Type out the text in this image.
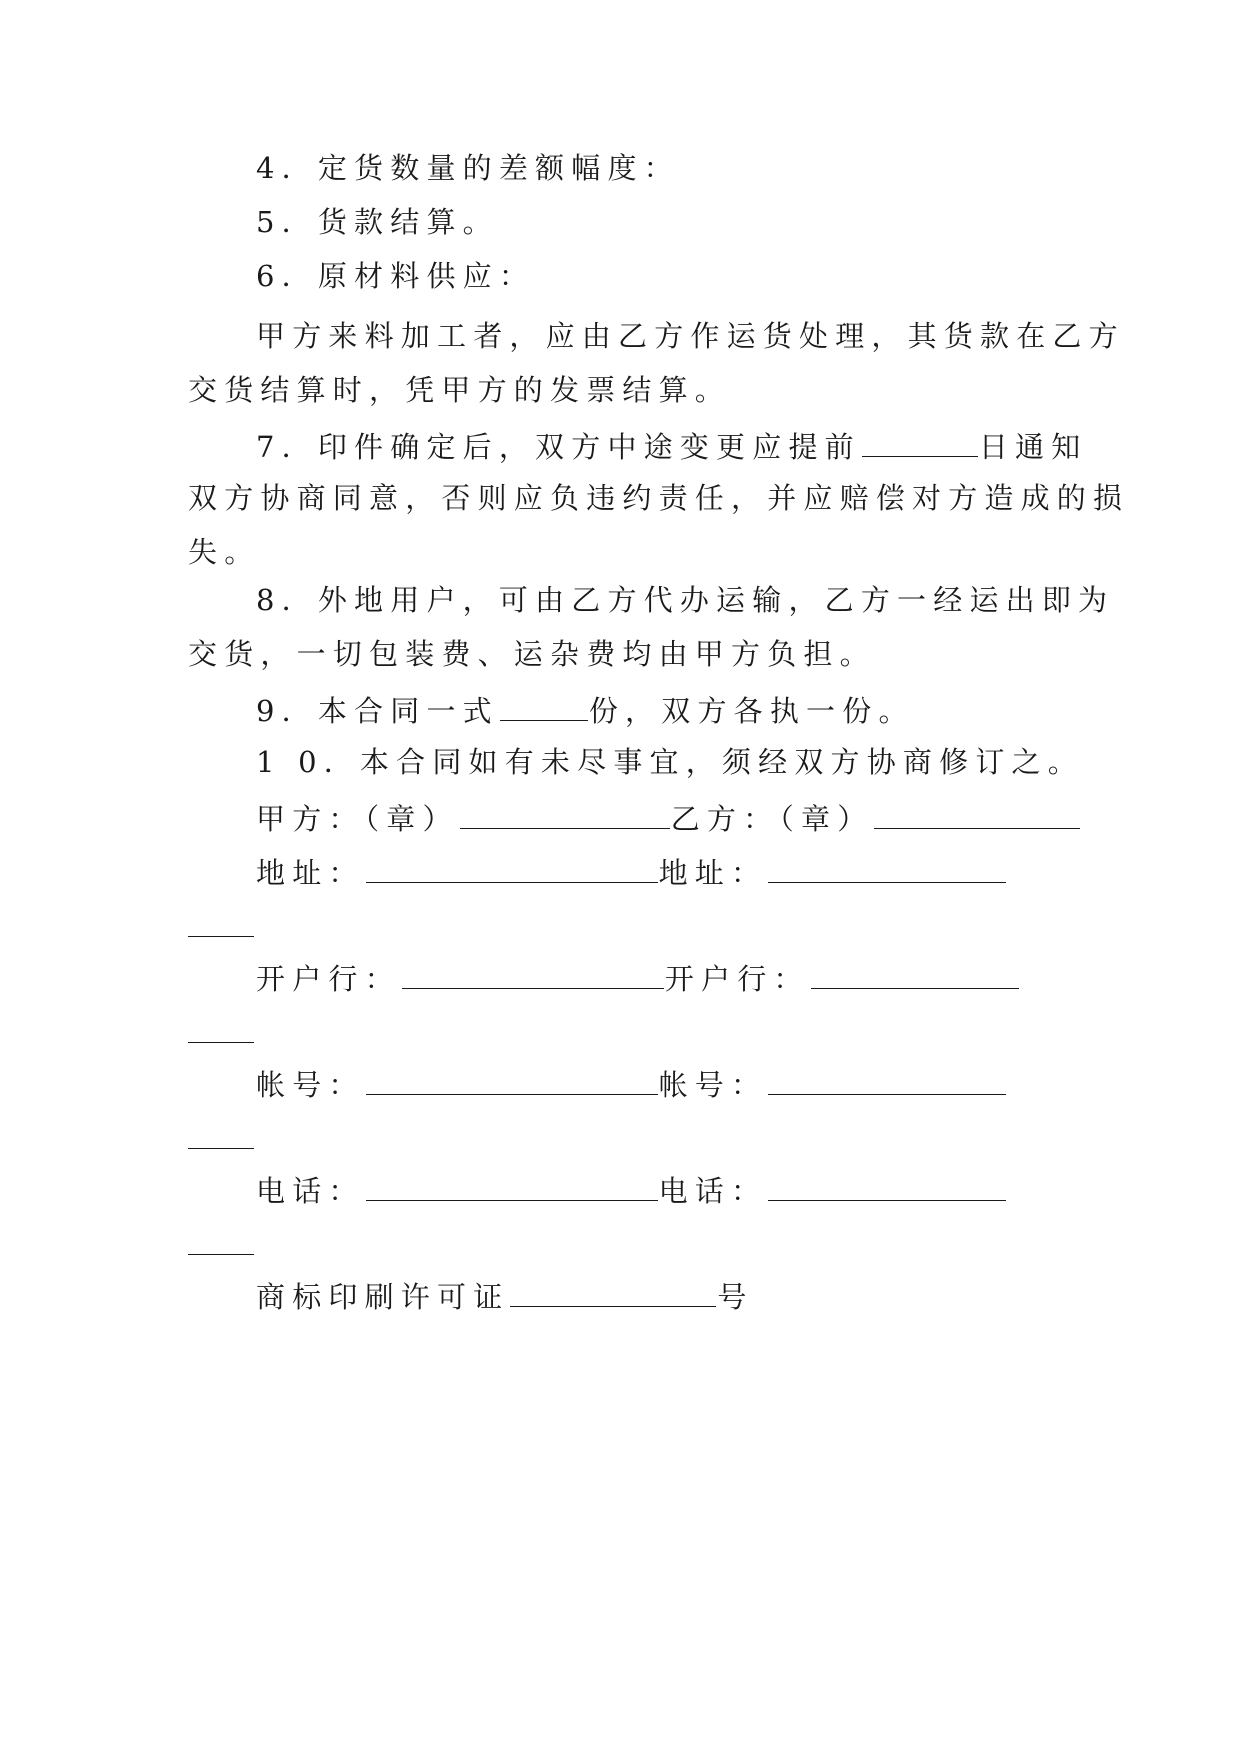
4．定货数量的差额幅度：
5．货款结算。
6．原材料供应：
甲方来料加工者，应由乙方作运货处理，其货款在乙方
交货结算时，凭甲方的发票结算。
7．印件确定后，双方中途变更应提前	日通知
双方协商同意，否则应负违约责任，并应赔偿对方造成的损
失。
8．外地用户，可由乙方代办运输，乙方一经运出即为
交货，一切包装费、运杂费均由甲方负担。
9．本合同一式	份，双方各执一份。
1 0．本合同如有未尽事宜，须经双方协商修订之。
甲方：（章）	乙方：（章）
地址：	地址：
开户行：	开户行：
帐号：	帐号：
电话：	电话：
商标印刷许可证	号
